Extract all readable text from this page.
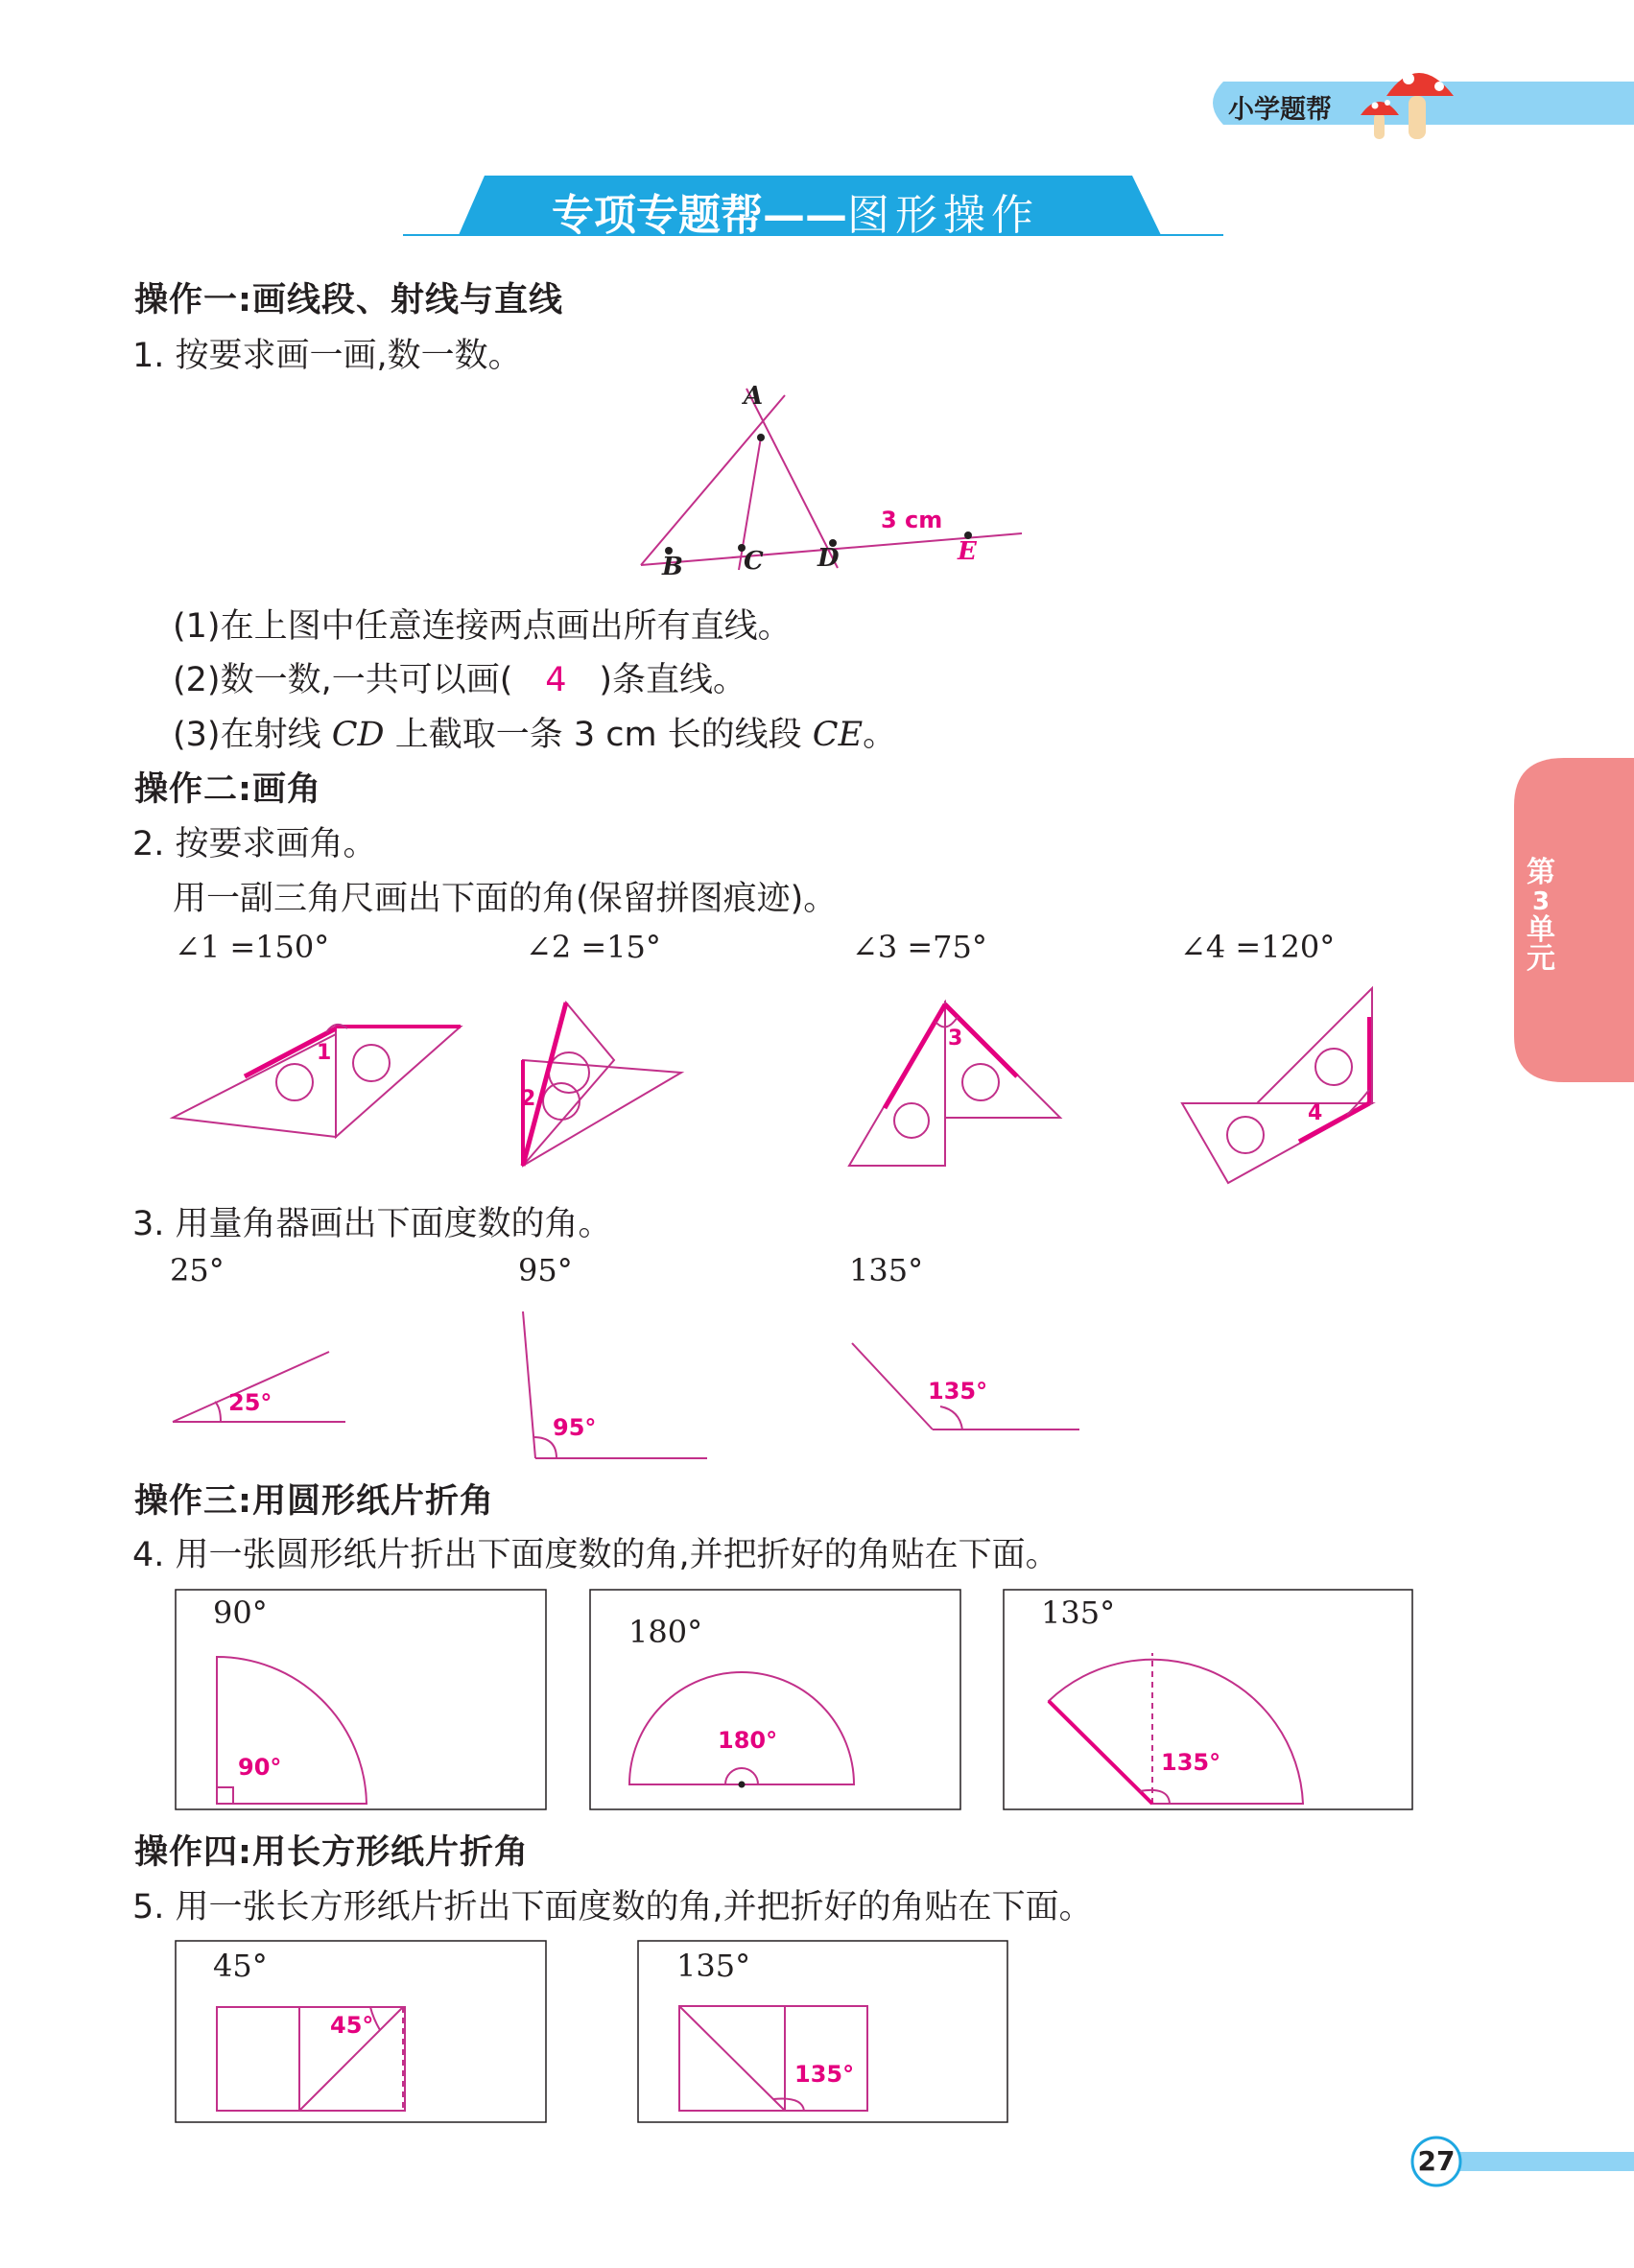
小学题帮
专项专题帮——图形操作
第
3
单
元
27
操作一:画线段、射线与直线
1. 按要求画一画,数一数。
A
B C D	E
3 cm
(1)在上图中任意连接两点画出所有直线。
(2)数一数,一共可以画( 4 )条直线。
(3)在射线 CD 上截取一条 3 cm 长的线段 CE。
操作二:画角
2. 按要求画角。
用一副三角尺画出下面的角(保留拼图痕迹)。
∠1 =150°	∠2 =15°	∠3 =75°	∠4 =120°
1
2
3
4
3. 用量角器画出下面度数的角。
25°	95°	135°
25°
95°
135°
操作三:用圆形纸片折角
4. 用一张圆形纸片折出下面度数的角,并把折好的角贴在下面。
90°
180°
135°
90°
180°
135°
操作四:用长方形纸片折角
5. 用一张长方形纸片折出下面度数的角,并把折好的角贴在下面。
45°	135°
45°
135°
